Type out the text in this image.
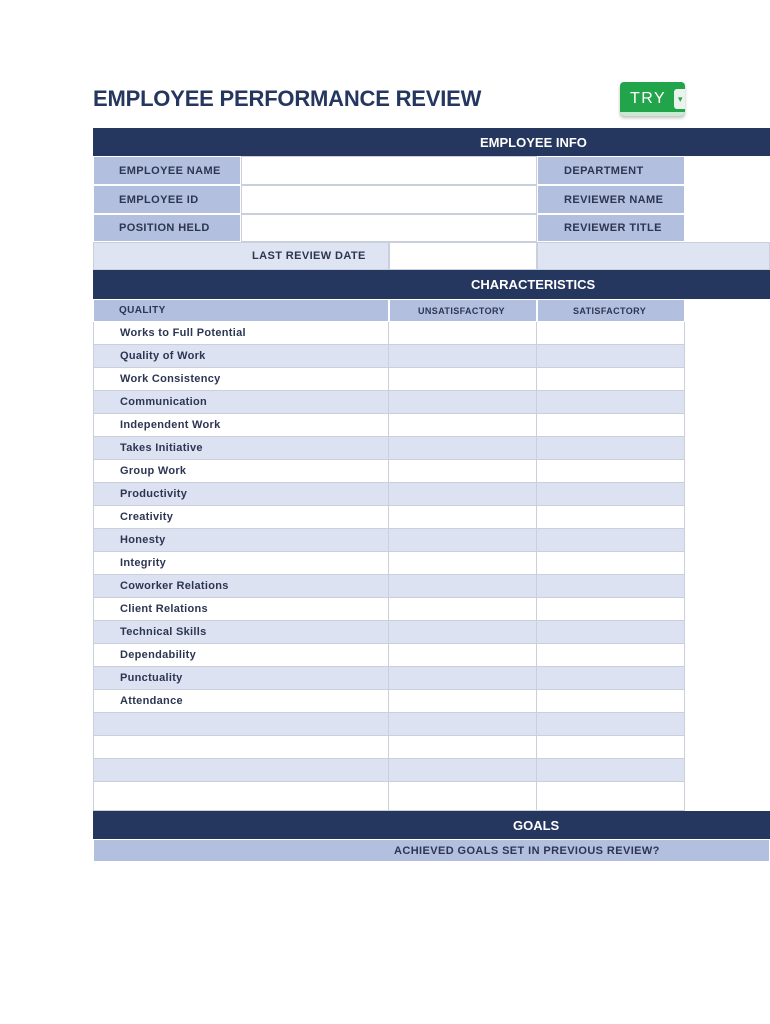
EMPLOYEE PERFORMANCE REVIEW	TRY	▾
EMPLOYEE INFO
EMPLOYEE NAME	DEPARTMENT
EMPLOYEE ID	REVIEWER NAME
POSITION HELD	REVIEWER TITLE
LAST REVIEW DATE
CHARACTERISTICS
QUALITY	UNSATISFACTORY	SATISFACTORY
Works to Full Potential
Quality of Work
Work Consistency
Communication
Independent Work
Takes Initiative
Group Work
Productivity
Creativity
Honesty
Integrity
Coworker Relations
Client Relations
Technical Skills
Dependability
Punctuality
Attendance
GOALS
ACHIEVED GOALS SET IN PREVIOUS REVIEW?
